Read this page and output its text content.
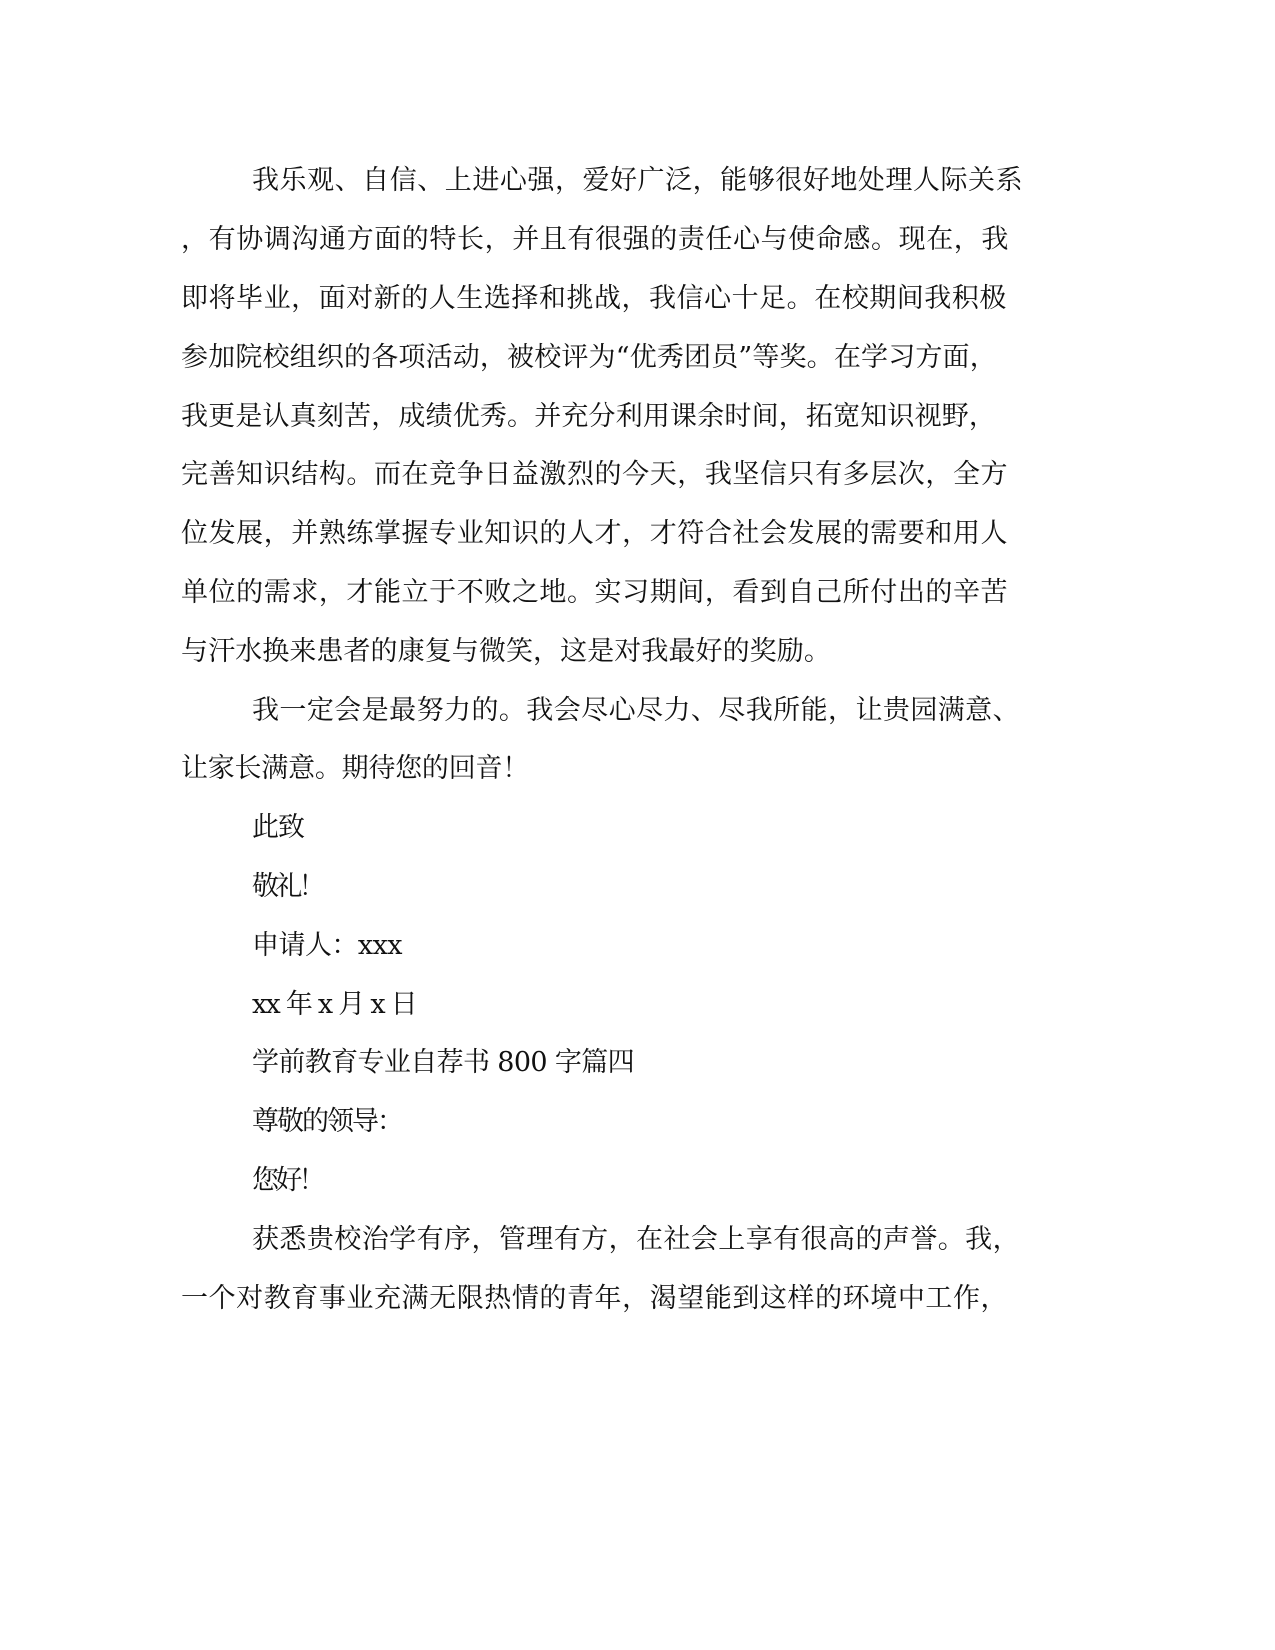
我乐观、自信、上进心强，爱好广泛，能够很好地处理人际关系
，有协调沟通方面的特长，并且有很强的责任心与使命感。现在，我
即将毕业，面对新的人生选择和挑战，我信心十足。在校期间我积极
参加院校组织的各项活动，被校评为“优秀团员”等奖。在学习方面，
我更是认真刻苦，成绩优秀。并充分利用课余时间，拓宽知识视野，
完善知识结构。而在竞争日益激烈的今天，我坚信只有多层次，全方
位发展，并熟练掌握专业知识的人才，才符合社会发展的需要和用人
单位的需求，才能立于不败之地。实习期间，看到自己所付出的辛苦
与汗水换来患者的康复与微笑，这是对我最好的奖励。
我一定会是最努力的。我会尽心尽力、尽我所能，让贵园满意、
让家长满意。期待您的回音！
此致
敬礼！
申请人：xxx
xx 年 x 月 x 日
学前教育专业自荐书 800 字篇四
尊敬的领导：
您好！
获悉贵校治学有序，管理有方，在社会上享有很高的声誉。我，
一个对教育事业充满无限热情的青年，渴望能到这样的环境中工作，
